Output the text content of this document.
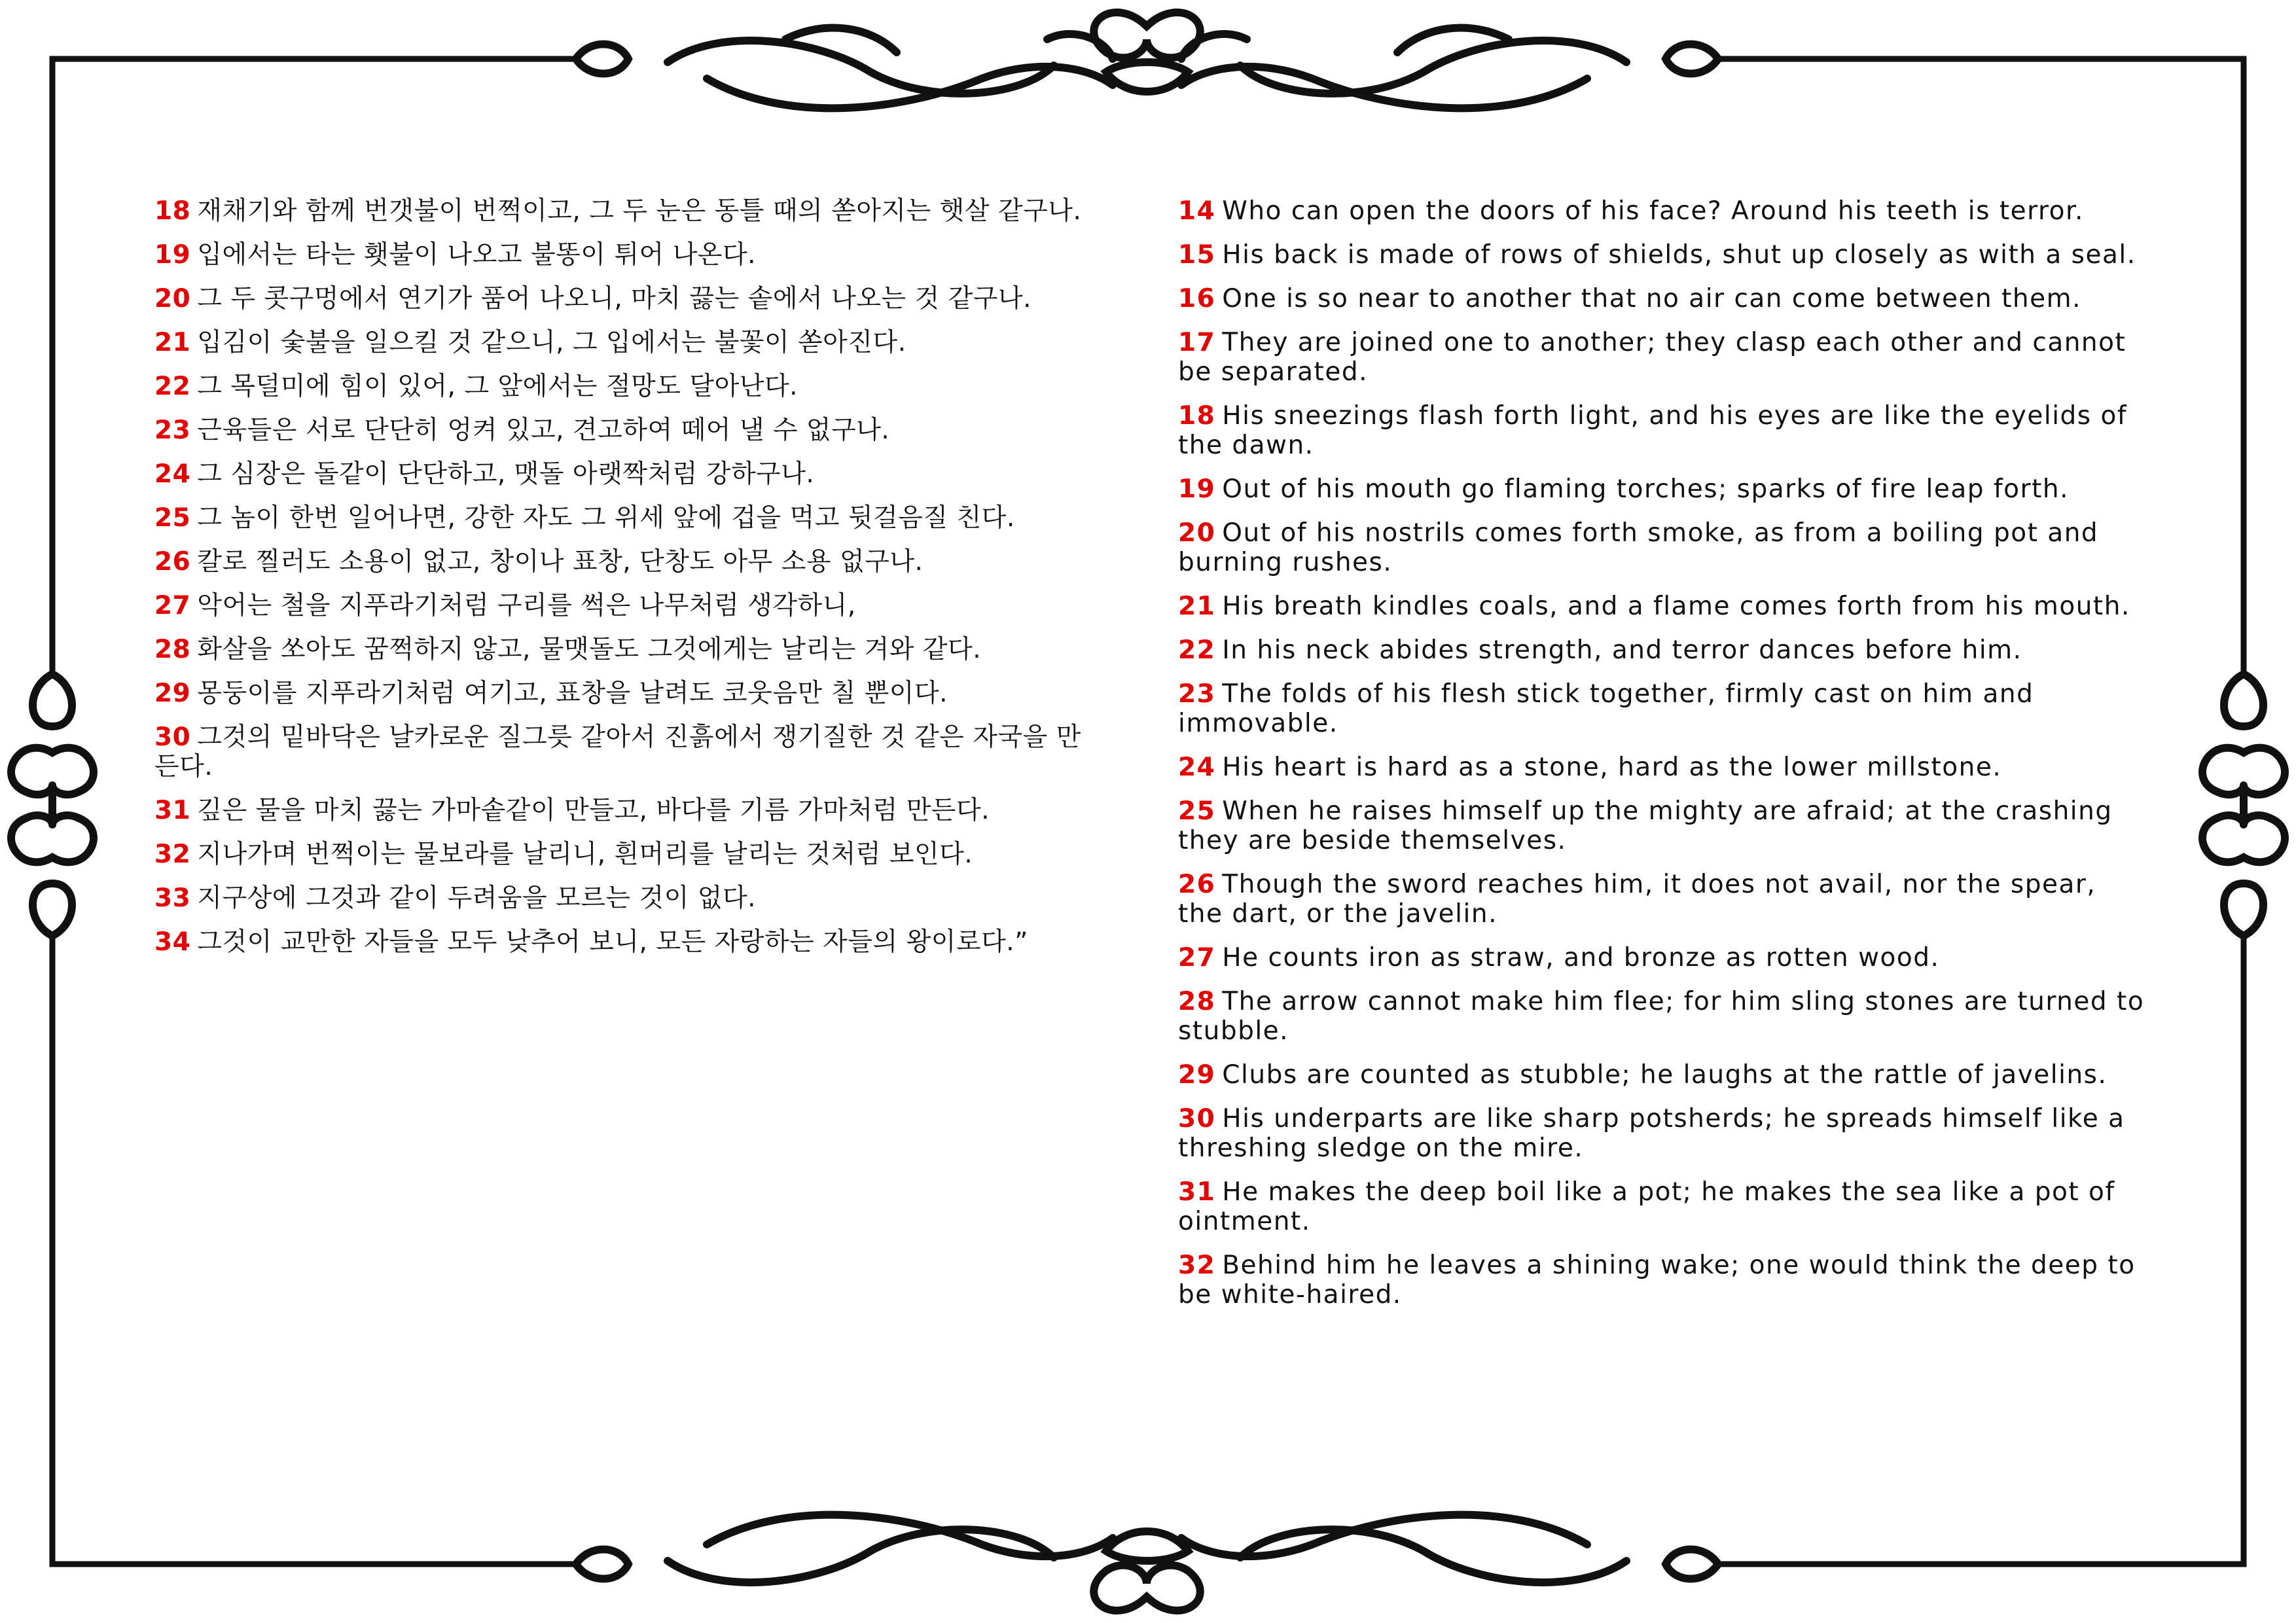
18 재채기와 함께 번갯불이 번쩍이고, 그 두 눈은 동틀 때의 쏟아지는 햇살 같구나.

19 입에서는 타는 횃불이 나오고 불똥이 튀어 나온다.

20 그 두 콧구멍에서 연기가 품어 나오니, 마치 끓는 솥에서 나오는 것 같구나.

21 입김이 숯불을 일으킬 것 같으니, 그 입에서는 불꽃이 쏟아진다.

22 그 목덜미에 힘이 있어, 그 앞에서는 절망도 달아난다.

23 근육들은 서로 단단히 엉켜 있고, 견고하여 떼어 낼 수 없구나.

24 그 심장은 돌같이 단단하고, 맷돌 아랫짝처럼 강하구나.

25 그 놈이 한번 일어나면, 강한 자도 그 위세 앞에 겁을 먹고 뒷걸음질 친다.

26 칼로 찔러도 소용이 없고, 창이나 표창, 단창도 아무 소용 없구나.

27 악어는 철을 지푸라기처럼 구리를 썩은 나무처럼 생각하니,

28 화살을 쏘아도 꿈쩍하지 않고, 물맷돌도 그것에게는 날리는 겨와 같다.

29 몽둥이를 지푸라기처럼 여기고, 표창을 날려도 코웃음만 칠 뿐이다.

30 그것의 밑바닥은 날카로운 질그릇 같아서 진흙에서 쟁기질한 것 같은 자국을 만든다.

31 깊은 물을 마치 끓는 가마솥같이 만들고, 바다를 기름 가마처럼 만든다.

32 지나가며 번쩍이는 물보라를 날리니, 흰머리를 날리는 것처럼 보인다.

33 지구상에 그것과 같이 두려움을 모르는 것이 없다.

34 그것이 교만한 자들을 모두 낮추어 보니, 모든 자랑하는 자들의 왕이로다.”

14 Who can open the doors of his face? Around his teeth is terror.

15 His back is made of rows of shields, shut up closely as with a seal.

16 One is so near to another that no air can come between them.

17 They are joined one to another; they clasp each other and cannot be separated.

18 His sneezings flash forth light, and his eyes are like the eyelids of the dawn.

19 Out of his mouth go flaming torches; sparks of fire leap forth.

20 Out of his nostrils comes forth smoke, as from a boiling pot and burning rushes.

21 His breath kindles coals, and a flame comes forth from his mouth.

22 In his neck abides strength, and terror dances before him.

23 The folds of his flesh stick together, firmly cast on him and immovable.

24 His heart is hard as a stone, hard as the lower millstone.

25 When he raises himself up the mighty are afraid; at the crashing they are beside themselves.

26 Though the sword reaches him, it does not avail, nor the spear, the dart, or the javelin.

27 He counts iron as straw, and bronze as rotten wood.

28 The arrow cannot make him flee; for him sling stones are turned to stubble.

29 Clubs are counted as stubble; he laughs at the rattle of javelins.

30 His underparts are like sharp potsherds; he spreads himself like a threshing sledge on the mire.

31 He makes the deep boil like a pot; he makes the sea like a pot of ointment.

32 Behind him he leaves a shining wake; one would think the deep to be white-haired.
